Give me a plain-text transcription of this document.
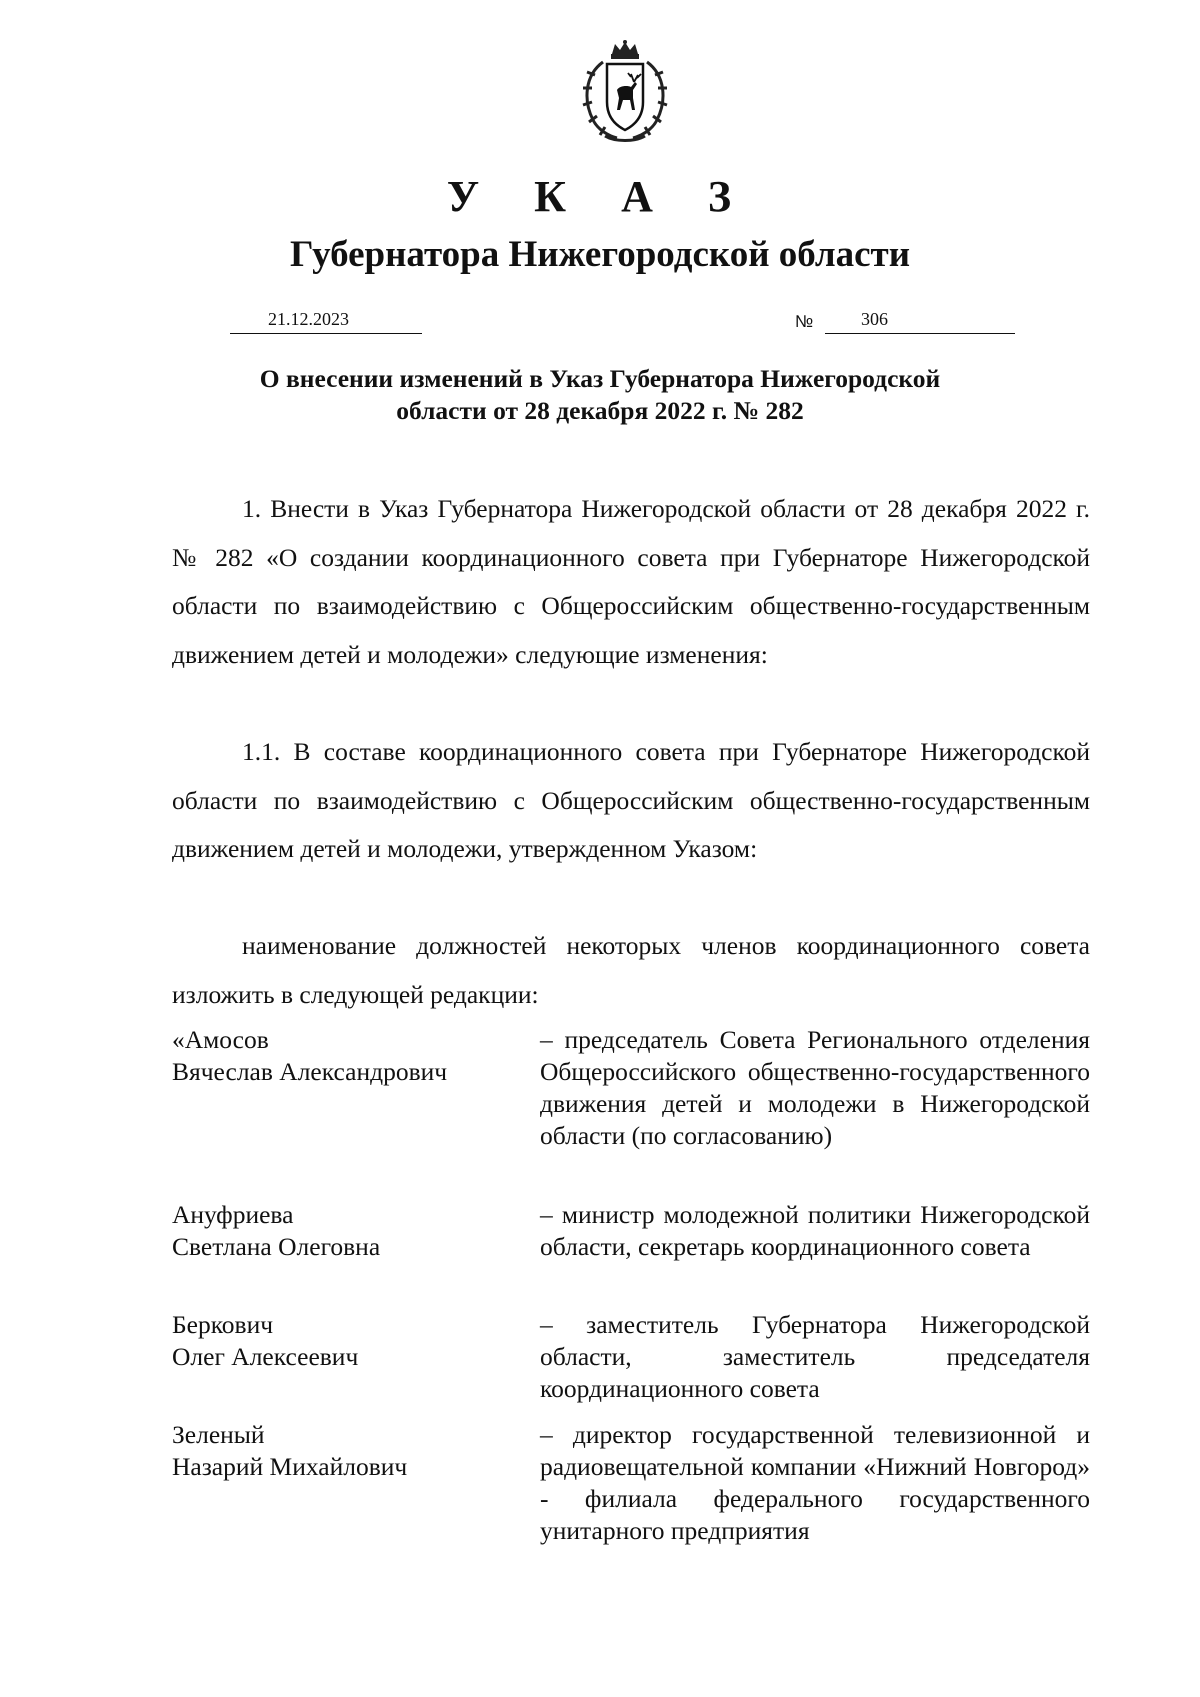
У К А З
Губернатора Нижегородской области
21.12.2023	№	306
О внесении изменений в Указ Губернатора Нижегородской
области от 28 декабря 2022 г. № 282

1. Внести в Указ Губернатора Нижегородской области от 28 декабря 2022 г. № 282 «О создании координационного совета при Губернаторе Нижегородской области по взаимодействию с Общероссийским общественно-государственным движением детей и молодежи» следующие изменения:

1.1. В составе координационного совета при Губернаторе Нижегородской области по взаимодействию с Общероссийским общественно-государственным движением детей и молодежи, утвержденном Указом:

наименование должностей некоторых членов координационного совета изложить в следующей редакции:

«Амосов
Вячеслав Александрович
– председатель Совета Регионального отделения Общероссийского общественно-государственного движения детей и молодежи в Нижегородской области (по согласованию)
Ануфриева
Светлана Олеговна
– министр молодежной политики Нижегородской области, секретарь координационного совета
Беркович
Олег Алексеевич
– заместитель Губернатора Нижегородской области, заместитель председателя координационного совета
Зеленый
Назарий Михайлович
– директор государственной телевизионной и радиовещательной компании «Нижний Новгород» - филиала федерального государственного унитарного предприятия
